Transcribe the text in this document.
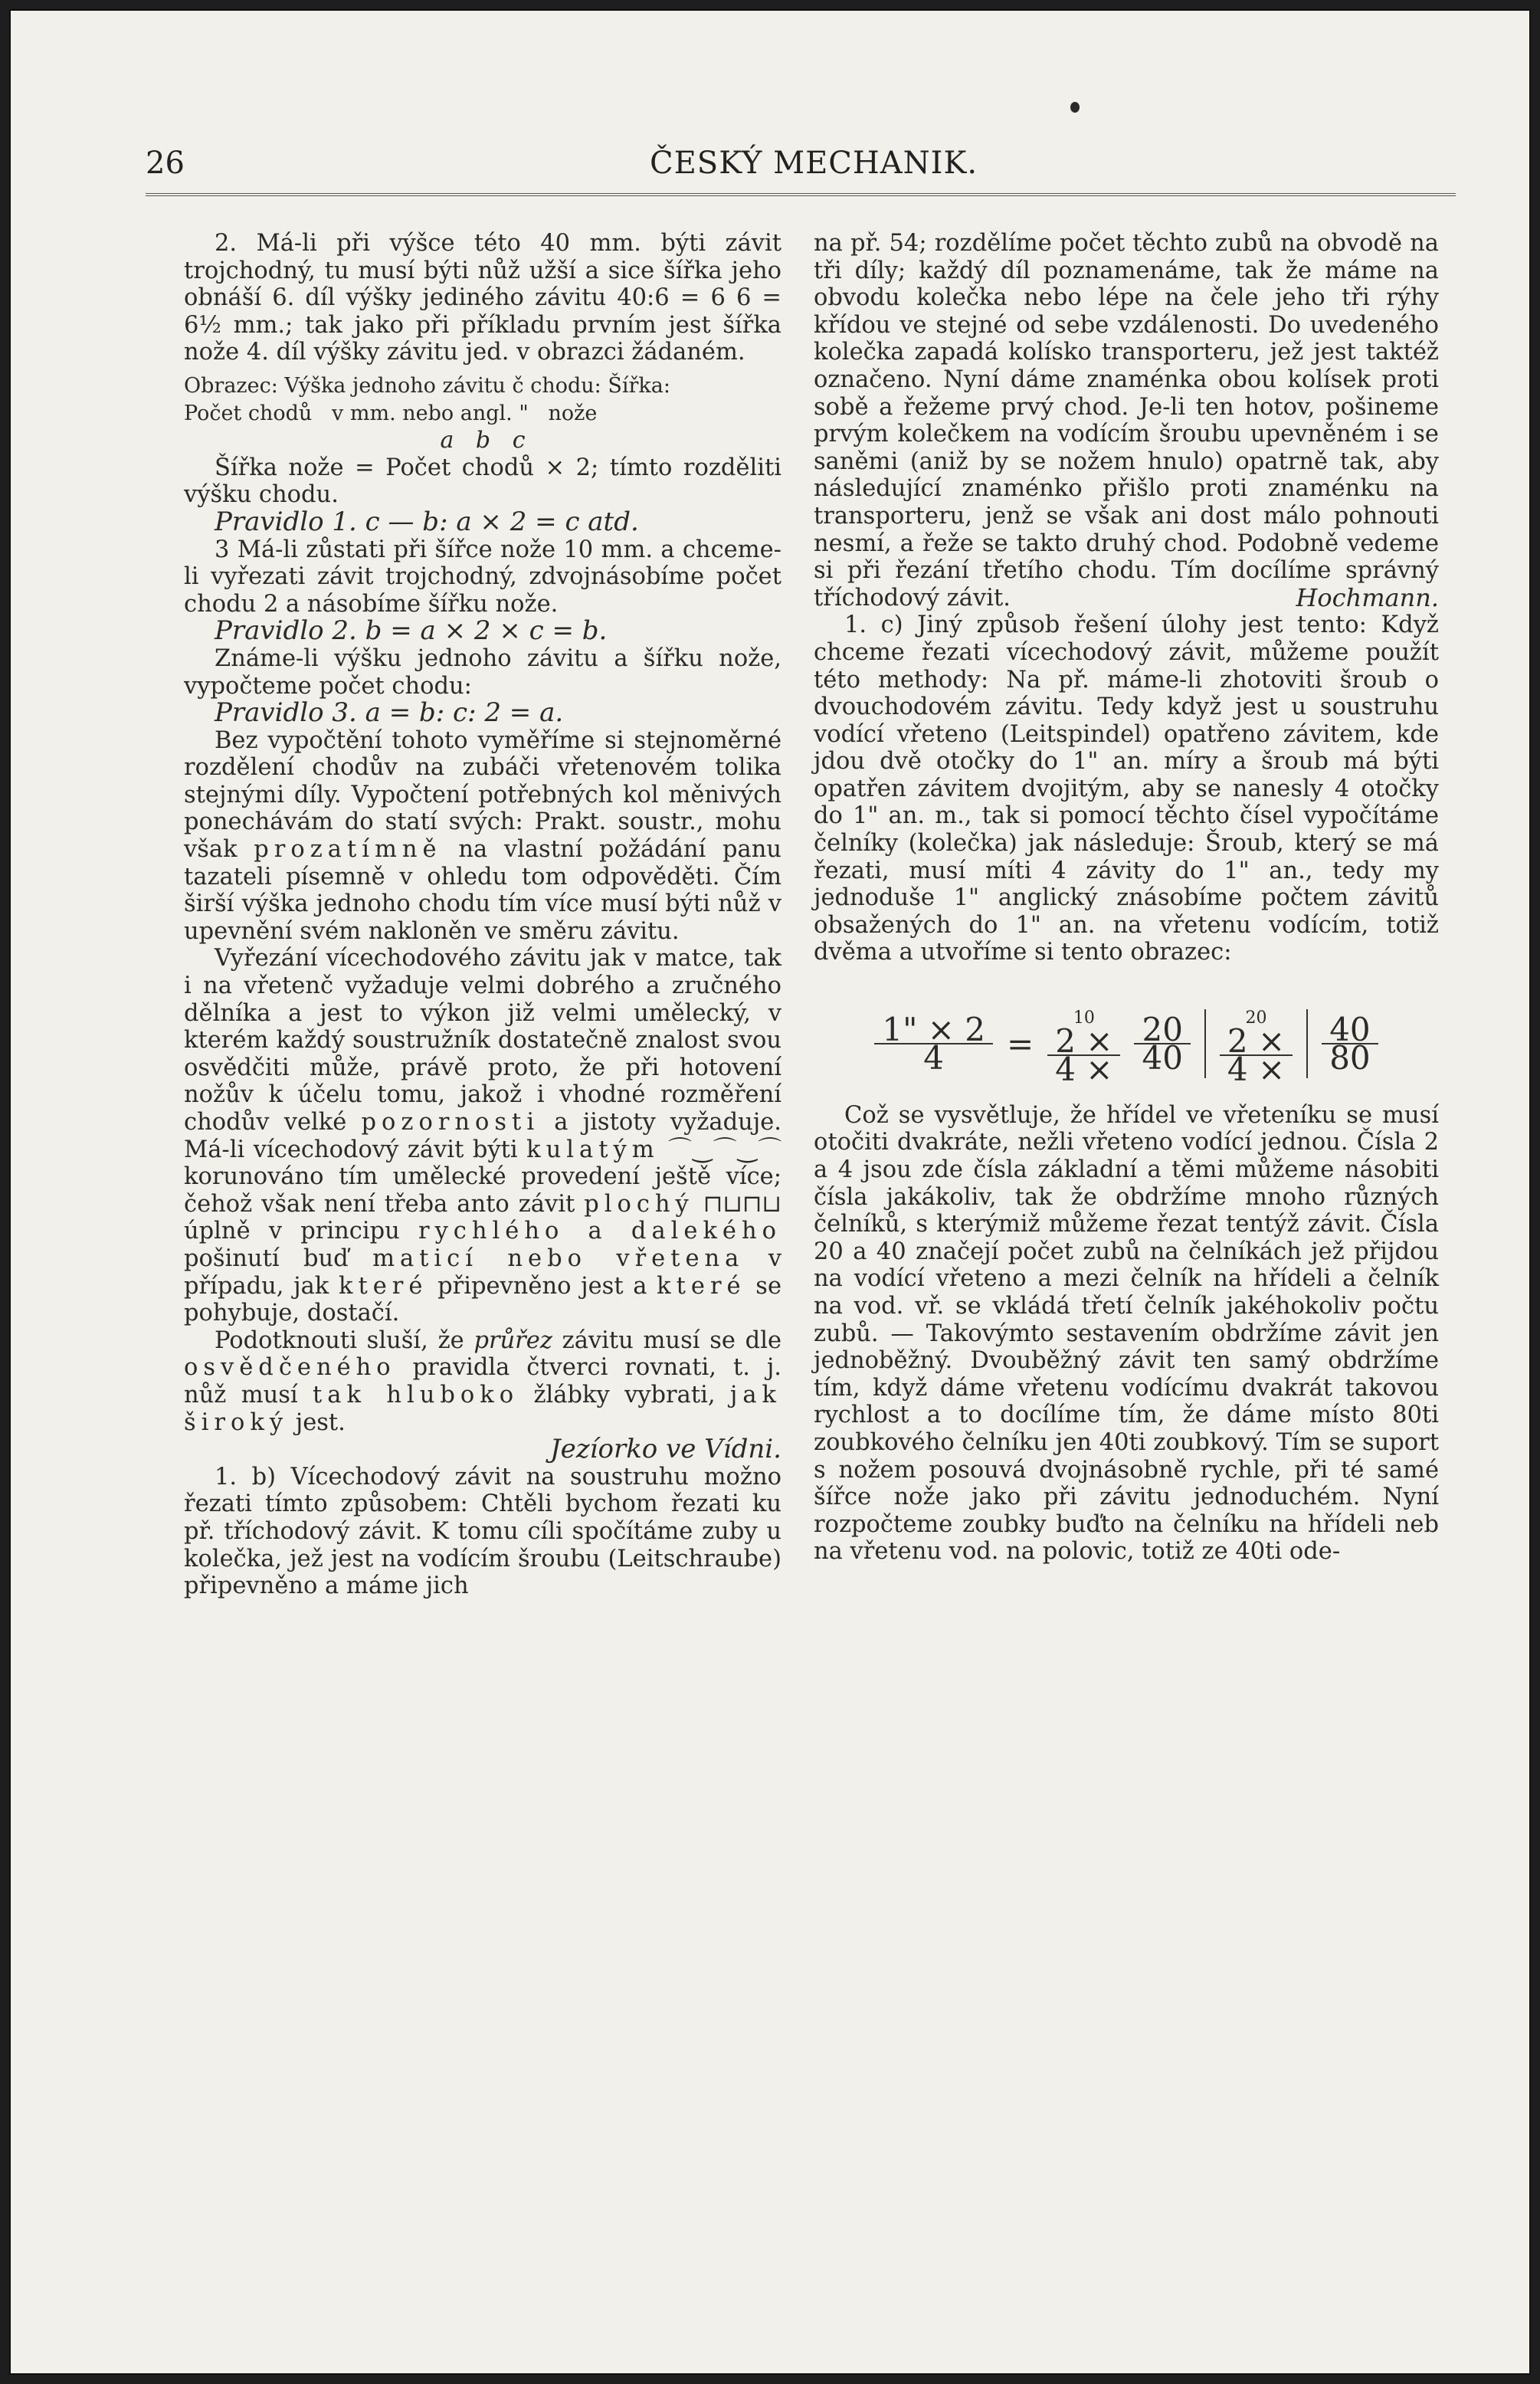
26	ČESKÝ MECHANIK.

2. Má-li při výšce této 40 mm. býti závit trojchodný, tu musí býti nůž užší a sice šířka jeho obnáší 6. díl výšky jediného závitu 40:6 = 6 6 = 6½ mm.; tak jako při příkladu prvním jest šířka nože 4. díl výšky závitu jed. v obrazci žádaném.

Obrazec: Výška jednoho závitu č chodu: Šířka:

Počet chodů   v mm. nebo angl. "   nože

a   b   c

Šířka nože = Počet chodů × 2; tímto rozděliti výšku chodu.

Pravidlo 1. c — b: a × 2 = c atd.

3 Má-li zůstati při šířce nože 10 mm. a chceme-li vyřezati závit trojchodný, zdvojnásobíme počet chodu 2 a násobíme šířku nože.

Pravidlo 2. b = a × 2 × c = b.

Známe-li výšku jednoho závitu a šířku nože, vypočteme počet chodu:

Pravidlo 3. a = b: c: 2 = a.

Bez vypočtění tohoto vyměříme si stejnoměrné rozdělení chodův na zubáči vřetenovém tolika stejnými díly. Vypočtení potřebných kol měnivých ponechávám do statí svých: Prakt. soustr., mohu však prozatímně na vlastní požádání panu tazateli písemně v ohledu tom odpověděti. Čím širší výška jednoho chodu tím více musí býti nůž v upevnění svém nakloněn ve směru závitu.

Vyřezání vícechodového závitu jak v matce, tak i na vřetenč vyžaduje velmi dobrého a zručného dělníka a jest to výkon již velmi umělecký, v kterém každý soustružník dostatečně znalost svou osvědčiti může, právě proto, že při hotovení nožův k účelu tomu, jakož i vhodné rozměření chodův velké pozornosti a jistoty vyžaduje. Má-li vícechodový závit býti kulatým ⌒‿⌒‿⌒ korunováno tím umělecké provedení ještě více; čehož však není třeba anto závit plochý ⊓⊔⊓⊔ úplně v principu rychlého a dalekého pošinutí buď maticí nebo vřetena v případu, jak které připevněno jest a které se pohybuje, dostačí.

Podotknouti sluší, že průřez závitu musí se dle osvědčeného pravidla čtverci rovnati, t. j. nůž musí tak hluboko žlábky vybrati, jak široký jest.

Jezíorko ve Vídni.

1. b) Vícechodový závit na soustruhu možno řezati tímto způsobem: Chtěli bychom řezati ku př. tříchodový závit. K tomu cíli spočítáme zuby u kolečka, jež jest na vodícím šroubu (Leitschraube) připevněno a máme jich

na př. 54; rozdělíme počet těchto zubů na obvodě na tři díly; každý díl poznamenáme, tak že máme na obvodu kolečka nebo lépe na čele jeho tři rýhy křídou ve stejné od sebe vzdálenosti. Do uvedeného kolečka zapadá kolísko transporteru, jež jest taktéž označeno. Nyní dáme znaménka obou kolísek proti sobě a řežeme prvý chod. Je-li ten hotov, pošineme prvým kolečkem na vodícím šroubu upevněném i se saněmi (aniž by se nožem hnulo) opatrně tak, aby následující znaménko přišlo proti znaménku na transporteru, jenž se však ani dost málo pohnouti nesmí, a řeže se takto druhý chod. Podobně vedeme si při řezání třetího chodu. Tím docílíme správný tříchodový závit.	Hochmann.

1. c) Jiný způsob řešení úlohy jest tento: Když chceme řezati vícechodový závit, můžeme použít této methody: Na př. máme-li zhotoviti šroub o dvouchodovém závitu. Tedy když jest u soustruhu vodící vřeteno (Leitspindel) opatřeno závitem, kde jdou dvě otočky do 1" an. míry a šroub má býti opatřen závitem dvojitým, aby se nanesly 4 otočky do 1" an. m., tak si pomocí těchto čísel vypočítáme čelníky (kolečka) jak následuje: Šroub, který se má řezati, musí míti 4 závity do 1" an., tedy my jednoduše 1" anglický znásobíme počtem závitů obsažených do 1" an. na vřetenu vodícím, totiž dvěma a utvoříme si tento obrazec:

$\frac{1" \times 2}{4}$ =
10
2 ×
$4 \times \frac{20}{40}$	20
2 ×
4 ×
40
80

Což se vysvětluje, že hřídel ve vřeteníku se musí otočiti dvakráte, nežli vřeteno vodící jednou. Čísla 2 a 4 jsou zde čísla základní a těmi můžeme násobiti čísla jakákoliv, tak že obdržíme mnoho různých čelníků, s kterýmiž můžeme řezat tentýž závit. Čísla 20 a 40 značejí počet zubů na čelníkách jež přijdou na vodící vřeteno a mezi čelník na hřídeli a čelník na vod. vř. se vkládá třetí čelník jakéhokoliv počtu zubů. — Takovýmto sestavením obdržíme závit jen jednoběžný. Dvouběžný závit ten samý obdržíme tím, když dáme vřetenu vodícímu dvakrát takovou rychlost a to docílíme tím, že dáme místo 80ti zoubkového čelníku jen 40ti zoubkový. Tím se suport s nožem posouvá dvojnásobně rychle, při té samé šířce nože jako při závitu jednoduchém. Nyní rozpočteme zoubky buďto na čelníku na hřídeli neb na vřetenu vod. na polovic, totiž ze 40ti ode-
